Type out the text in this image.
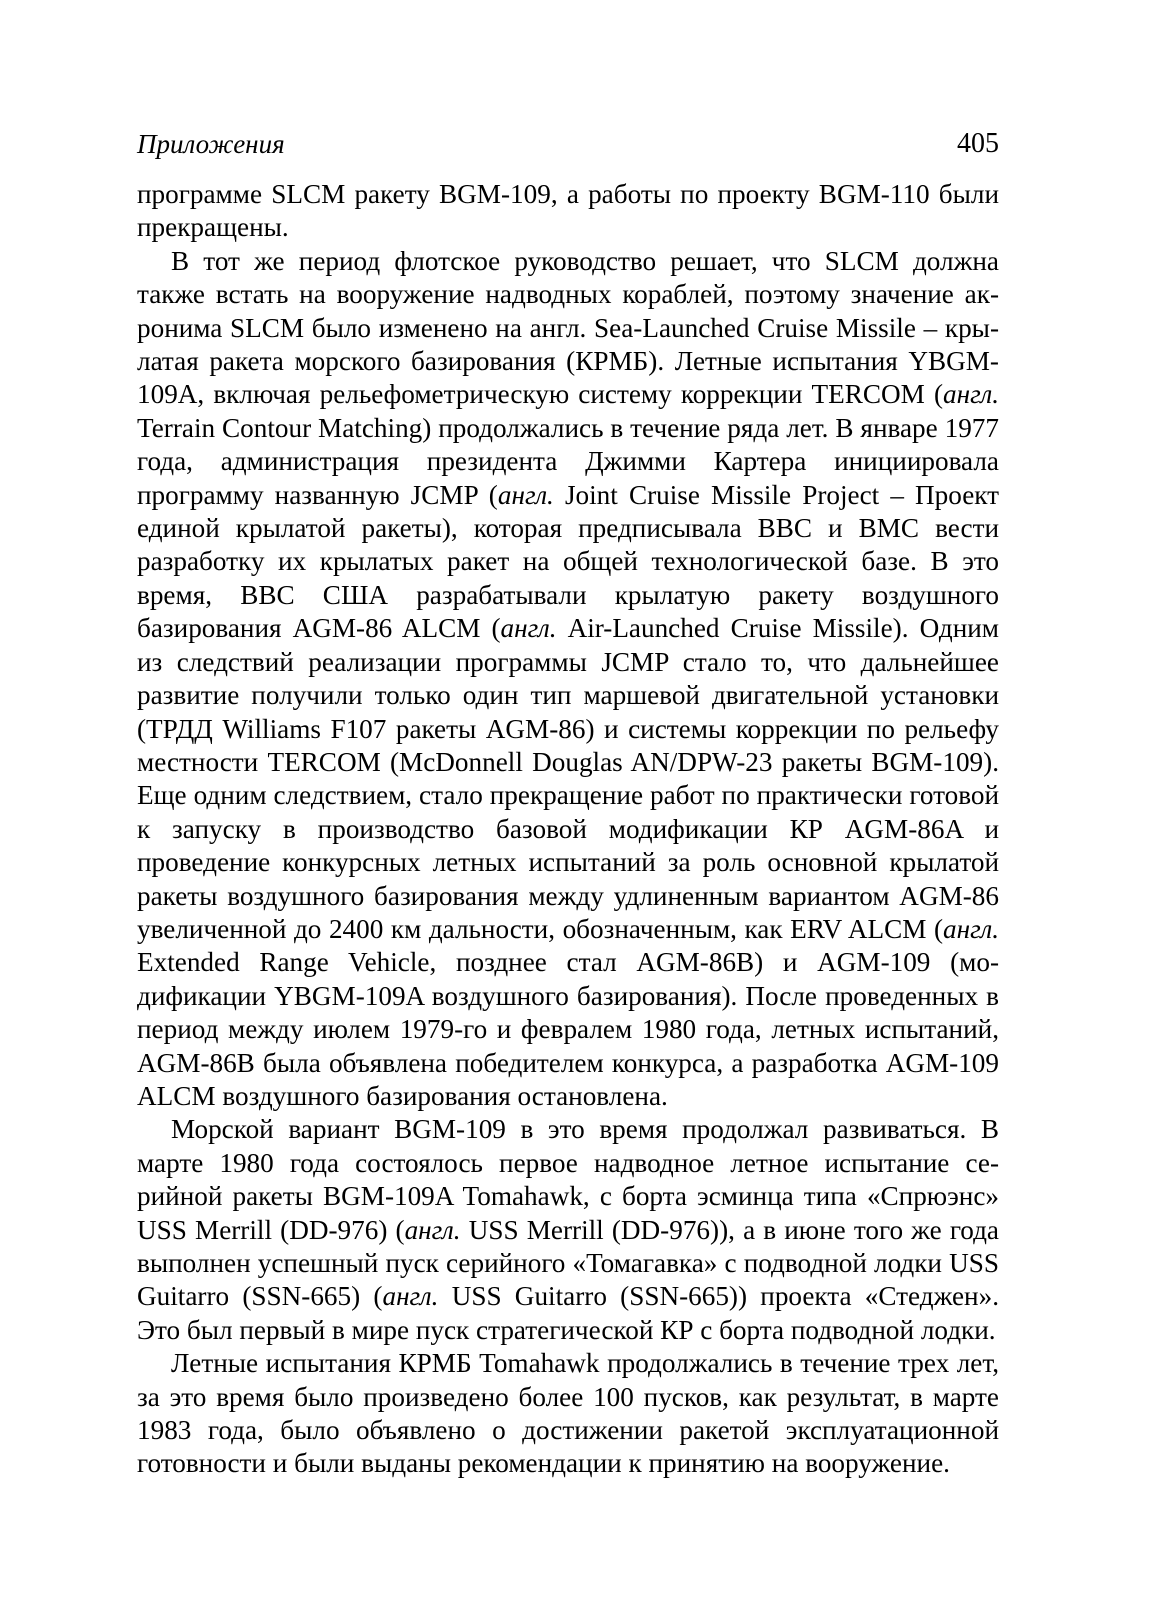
Приложения	405

программе SLCM ракету BGM-109, а работы по проекту BGM-110 были прекращены.

В тот же период флотское руководство решает, что SLCM должна также встать на вооружение надводных кораблей, поэтому значение акронима SLCM было изменено на англ. Sea-Launched Cruise Missile – крылатая ракета морского базирования (КРМБ). Летные испытания YBGM-109A, включая рельефометрическую систему коррекции TERCOM (англ. Terrain Contour Matching) продолжались в течение ряда лет. В январе 1977 года, администрация президента Джимми Картера инициировала программу названную JCMP (англ. Joint Cruise Missile Project – Проект единой крылатой ракеты), которая предписывала ВВС и ВМС вести разработку их крылатых ракет на общей технологической базе. В это время, ВВС США разрабатывали крылатую ракету воздушного базирования AGM-86 ALCM (англ. Air-Launched Cruise Missile). Одним из следствий реализации программы JCMP стало то, что дальнейшее развитие получили только один тип маршевой двигательной установки (ТРДД Williams F107 ракеты AGM-86) и системы коррекции по рельефу местности TERCOM (McDonnell Douglas AN/DPW-23 ракеты BGM-109). Еще одним следствием, стало прекращение работ по практически готовой к запуску в производство базовой модификации КР AGM-86A и проведение конкурсных летных испытаний за роль основной крылатой ракеты воздушного базирования между удлиненным вариантом AGM-86 увеличенной до 2400 км дальности, обозначенным, как ERV ALCM (англ. Extended Range Vehicle, позднее стал AGM-86B) и AGM-109 (модификации YBGM-109A воздушного базирования). После проведенных в период между июлем 1979-го и февралем 1980 года, летных испытаний, AGM-86B была объявлена победителем конкурса, а разработка AGM-109 ALCM воздушного базирования остановлена.

Морской вариант BGM-109 в это время продолжал развиваться. В марте 1980 года состоялось первое надводное летное испытание серийной ракеты BGM-109A Tomahawk, с борта эсминца типа «Спрюэнс» USS Merrill (DD-976) (англ. USS Merrill (DD-976)), а в июне того же года выполнен успешный пуск серийного «Томагавка» с подводной лодки USS Guitarro (SSN-665) (англ. USS Guitarro (SSN-665)) проекта «Стеджен». Это был первый в мире пуск стратегической КР с борта подводной лодки.

Летные испытания КРМБ Tomahawk продолжались в течение трех лет, за это время было произведено более 100 пусков, как результат, в марте 1983 года, было объявлено о достижении ракетой эксплуатационной готовности и были выданы рекомендации к принятию на вооружение.
